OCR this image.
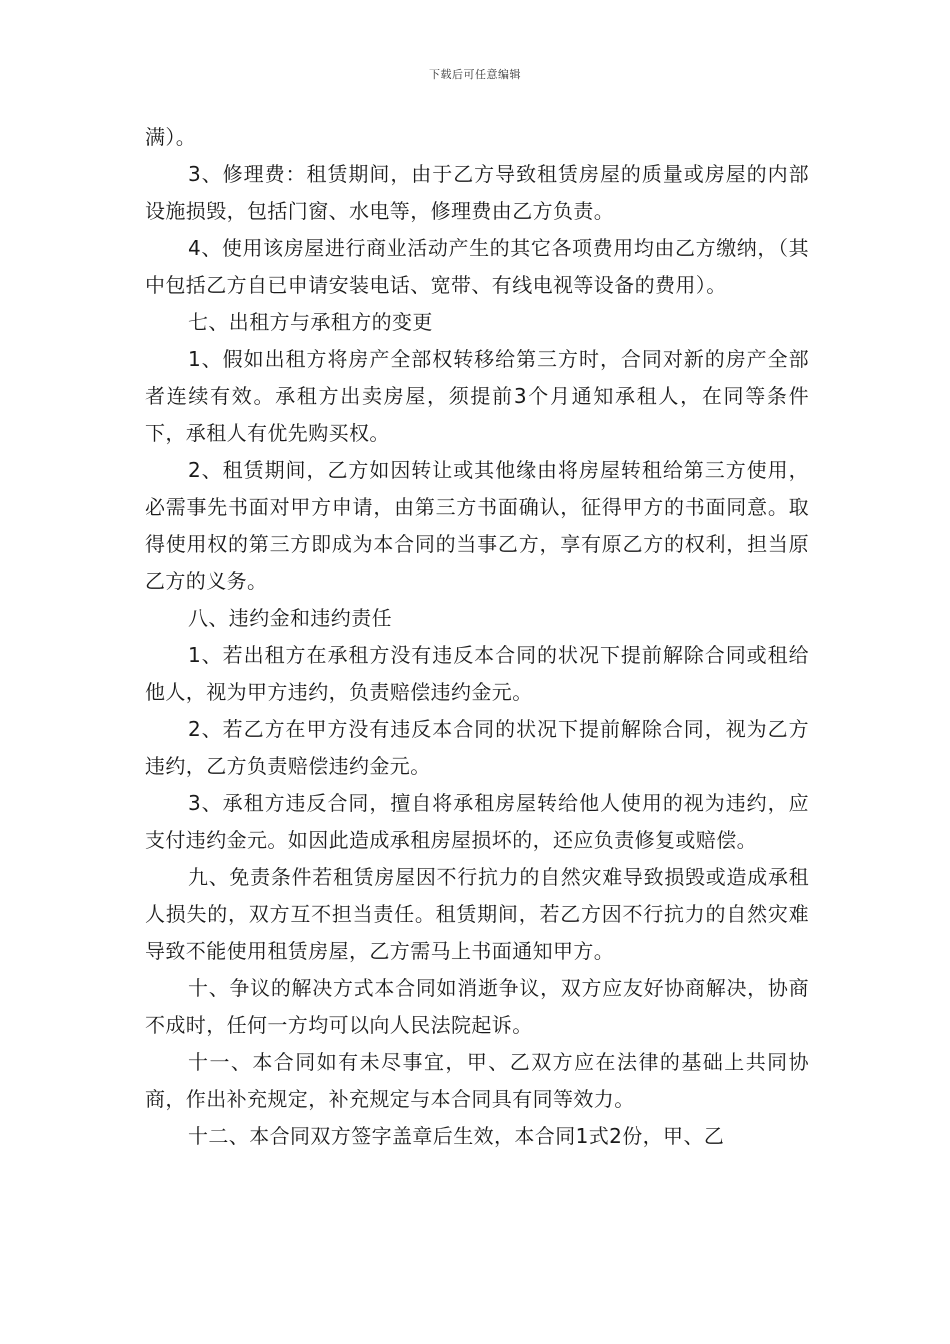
下载后可任意编辑

满）。

3、修理费：租赁期间，由于乙方导致租赁房屋的质量或房屋的内部设施损毁，包括门窗、水电等，修理费由乙方负责。

4、使用该房屋进行商业活动产生的其它各项费用均由乙方缴纳，（其中包括乙方自已申请安装电话、宽带、有线电视等设备的费用）。

七、出租方与承租方的变更

1、假如出租方将房产全部权转移给第三方时，合同对新的房产全部者连续有效。承租方出卖房屋，须提前3个月通知承租人，在同等条件下，承租人有优先购买权。

2、租赁期间，乙方如因转让或其他缘由将房屋转租给第三方使用，必需事先书面对甲方申请，由第三方书面确认，征得甲方的书面同意。取得使用权的第三方即成为本合同的当事乙方，享有原乙方的权利，担当原乙方的义务。

八、违约金和违约责任

1、若出租方在承租方没有违反本合同的状况下提前解除合同或租给他人，视为甲方违约，负责赔偿违约金元。

2、若乙方在甲方没有违反本合同的状况下提前解除合同，视为乙方违约，乙方负责赔偿违约金元。

3、承租方违反合同，擅自将承租房屋转给他人使用的视为违约，应支付违约金元。如因此造成承租房屋损坏的，还应负责修复或赔偿。

九、免责条件若租赁房屋因不行抗力的自然灾难导致损毁或造成承租人损失的，双方互不担当责任。租赁期间，若乙方因不行抗力的自然灾难导致不能使用租赁房屋，乙方需马上书面通知甲方。

十、争议的解决方式本合同如消逝争议，双方应友好协商解决，协商不成时，任何一方均可以向人民法院起诉。

十一、本合同如有未尽事宜，甲、乙双方应在法律的基础上共同协商，作出补充规定，补充规定与本合同具有同等效力。

十二、本合同双方签字盖章后生效，本合同1式2份，甲、乙
